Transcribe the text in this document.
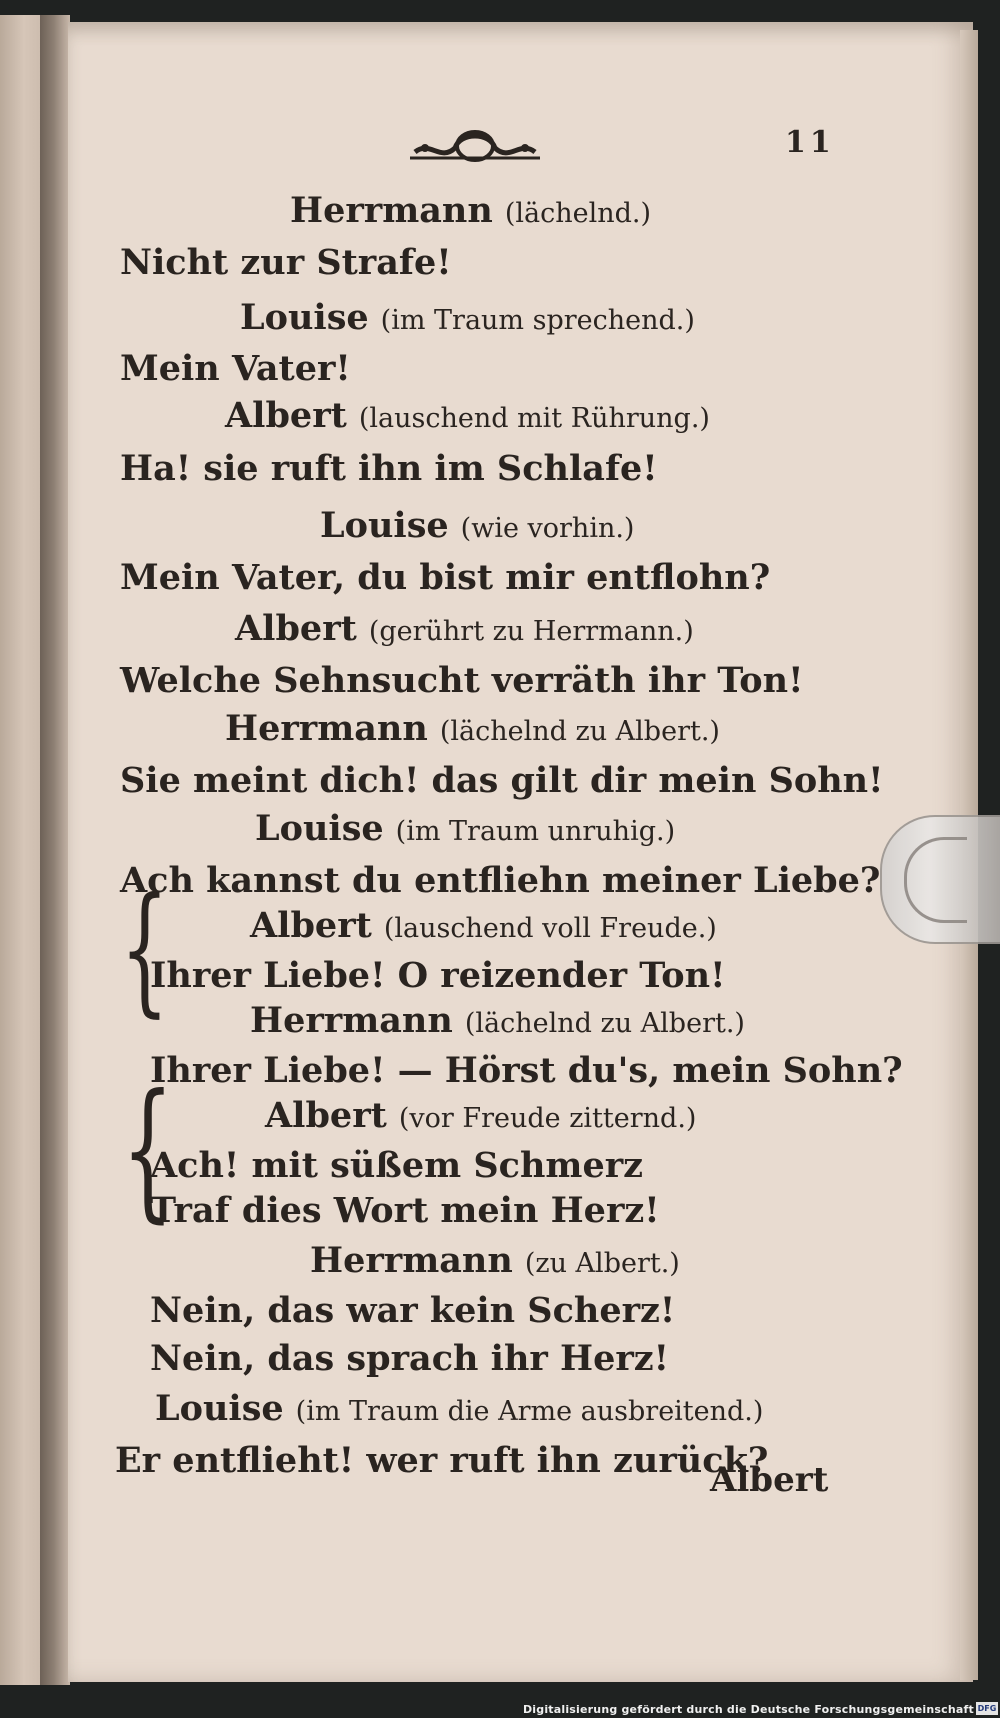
11
Herrmann (lächelnd.)
Nicht zur Strafe!
Louise (im Traum sprechend.)
Mein Vater!
Albert (lauschend mit Rührung.)
Ha! sie ruft ihn im Schlafe!
Louise (wie vorhin.)
Mein Vater, du bist mir entflohn?
Albert (gerührt zu Herrmann.)
Welche Sehnsucht verräth ihr Ton!
Herrmann (lächelnd zu Albert.)
Sie meint dich! das gilt dir mein Sohn!
Louise (im Traum unruhig.)
Ach kannst du entfliehn meiner Liebe?
Albert (lauschend voll Freude.)
Ihrer Liebe! O reizender Ton!
Herrmann (lächelnd zu Albert.)
Ihrer Liebe! — Hörst du's, mein Sohn?
Albert (vor Freude zitternd.)
Ach! mit süßem Schmerz
Traf dies Wort mein Herz!
Herrmann (zu Albert.)
Nein, das war kein Scherz!
Nein, das sprach ihr Herz!
Louise (im Traum die Arme ausbreitend.)
Er entflieht! wer ruft ihn zurück?
{
{
Albert
Digitalisierung gefördert durch die Deutsche Forschungsgemeinschaft DFG
